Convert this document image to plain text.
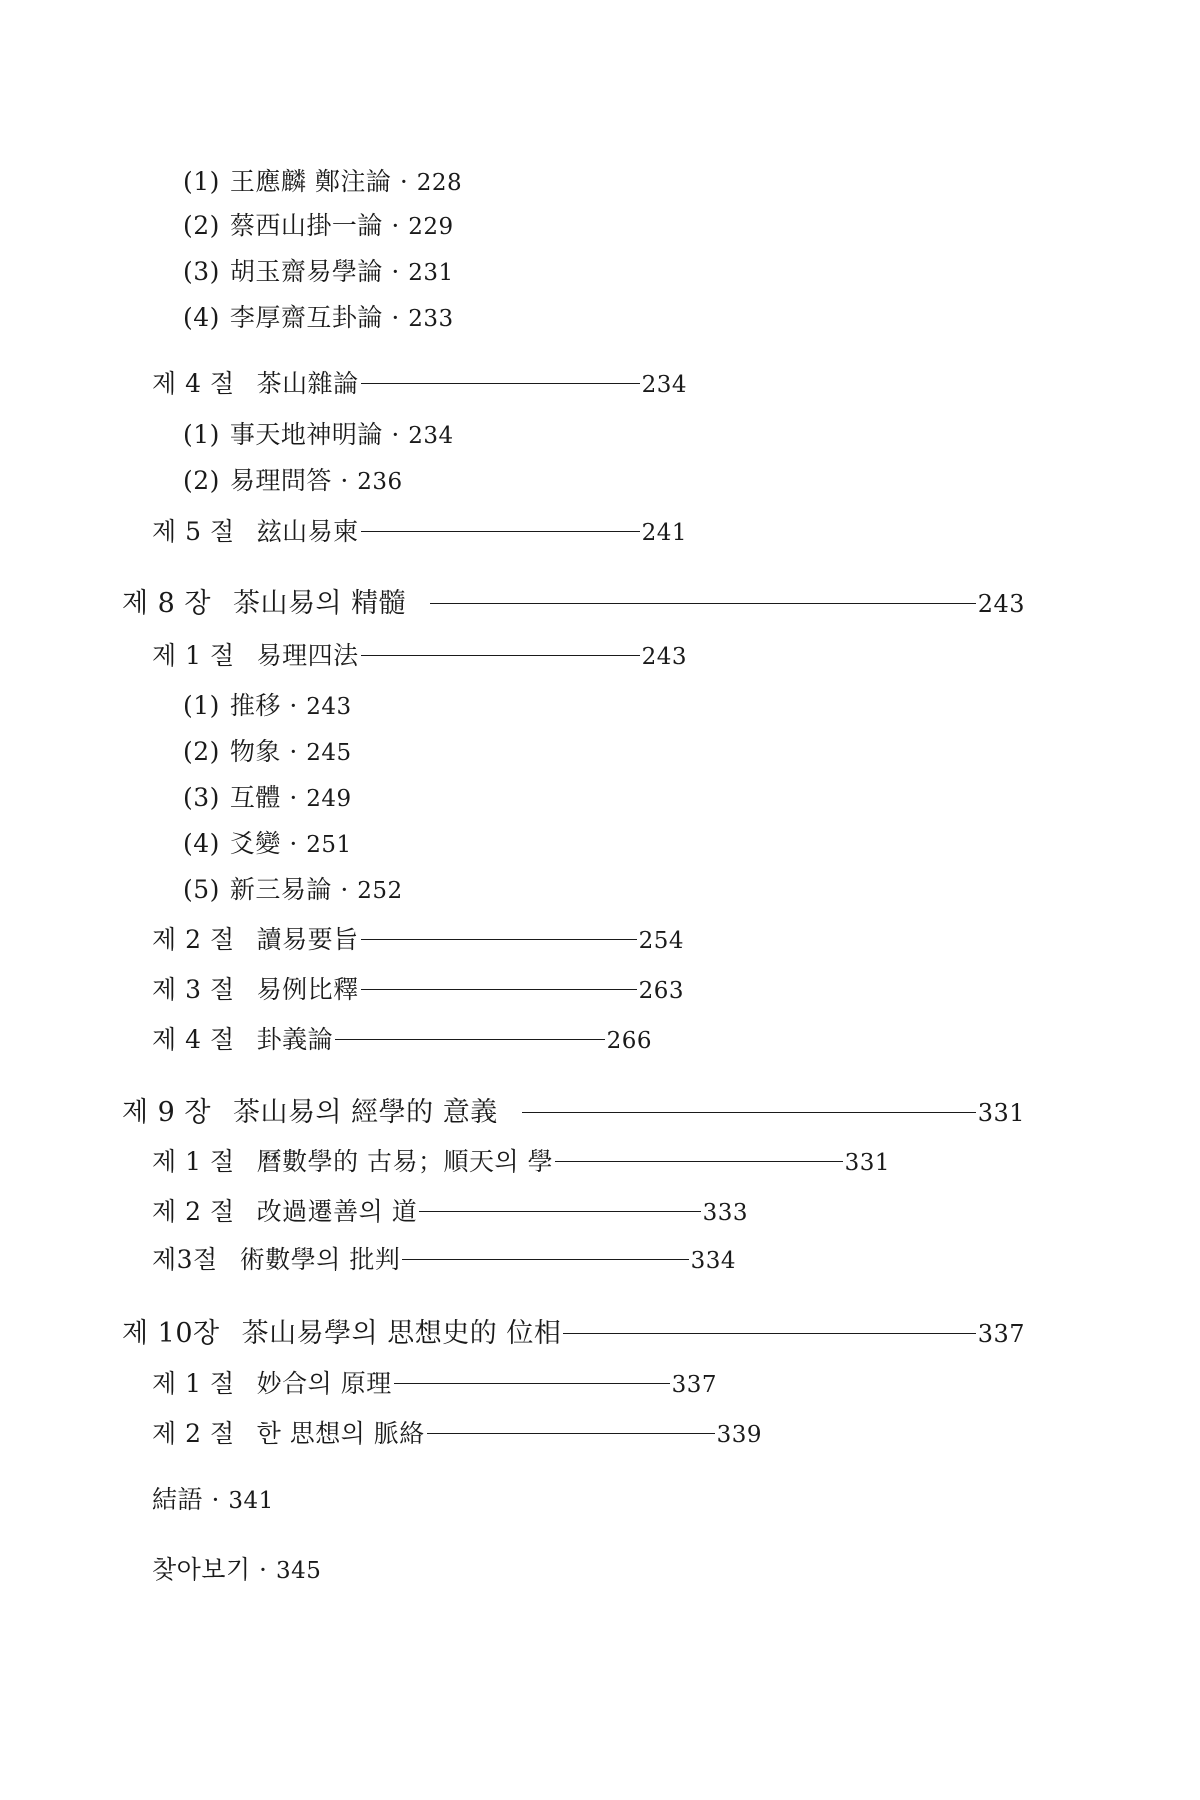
(1) 王應麟 鄭注論 · 228
(2) 蔡西山掛一論 · 229
(3) 胡玉齋易學論 · 231
(4) 李厚齋互卦論 · 233
제 4 절 茶山雜論	234
(1) 事天地神明論 · 234
(2) 易理問答 · 236
제 5 절 玆山易柬	241
제 8 장 茶山易의 精髓	243
제 1 절 易理四法	243
(1) 推移 · 243
(2) 物象 · 245
(3) 互體 · 249
(4) 爻變 · 251
(5) 新三易論 · 252
제 2 절 讀易要旨	254
제 3 절 易例比釋	263
제 4 절 卦義論	266
제 9 장 茶山易의 經學的 意義	331
제 1 절 曆數學的 古易；順天의 學	331
제 2 절 改過遷善의 道	333
제3절 術數學의 批判	334
제 10장 茶山易學의 思想史的 位相	337
제 1 절 妙合의 原理	337
제 2 절 한 思想의 脈絡	339
結語 · 341
찾아보기 · 345
